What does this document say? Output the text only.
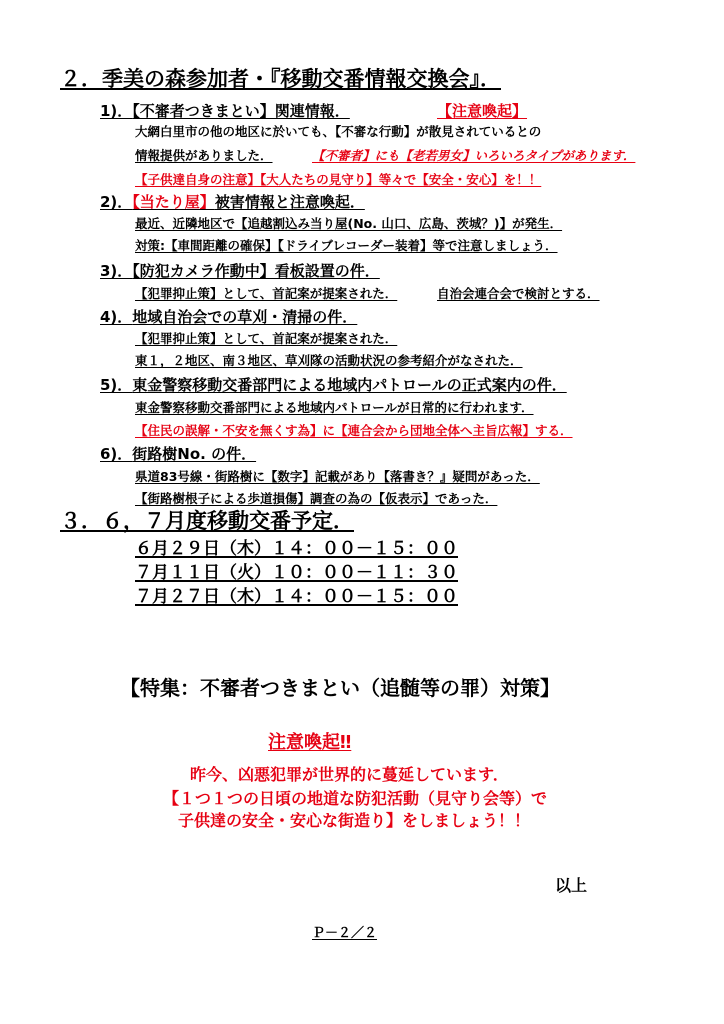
２．季美の森参加者・『移動交番情報交換会』．
1)．【不審者つきまとい】関連情報．	【注意喚起】
大網白里市の他の地区に於いても、【不審な行動】が散見されているとの
情報提供がありました．	【不審者】にも【老若男女】いろいろタイプがあります．
【子供達自身の注意】【大人たちの見守り】等々で【安全・安心】を！！
2)．【当たり屋】被害情報と注意喚起．
最近、近隣地区で【追越割込み当り屋(No. 山口、広島、茨城？)】が発生．
対策:【車間距離の確保】【ドライブレコーダー装着】等で注意しましょう．
3)．【防犯カメラ作動中】看板設置の件．
【犯罪抑止策】として、首記案が提案された．	自治会連合会で検討とする．
4)．地域自治会での草刈・清掃の件．
【犯罪抑止策】として、首記案が提案された．
東１，２地区、南３地区、草刈隊の活動状況の参考紹介がなされた．
5)．東金警察移動交番部門による地域内パトロールの正式案内の件．
東金警察移動交番部門による地域内パトロールが日常的に行われます．
【住民の誤解・不安を無くす為】に【連合会から団地全体へ主旨広報】する．
6)．街路樹No. の件．
県道83号線・街路樹に【数字】記載があり【落書き？』疑問があった．
【街路樹根子による歩道損傷】調査の為の【仮表示】であった．
３．６，７月度移動交番予定．
６月２９日（木）１４：００－１５：００
７月１１日（火）１０：００－１１：３０
７月２７日（木）１４：００－１５：００
【特集：不審者つきまとい（追髄等の罪）対策】
注意喚起‼
昨今、凶悪犯罪が世界的に蔓延しています．
【１つ１つの日頃の地道な防犯活動（見守り会等）で
子供達の安全・安心な街造り】をしましょう！！
以上
Ｐ－２／２
